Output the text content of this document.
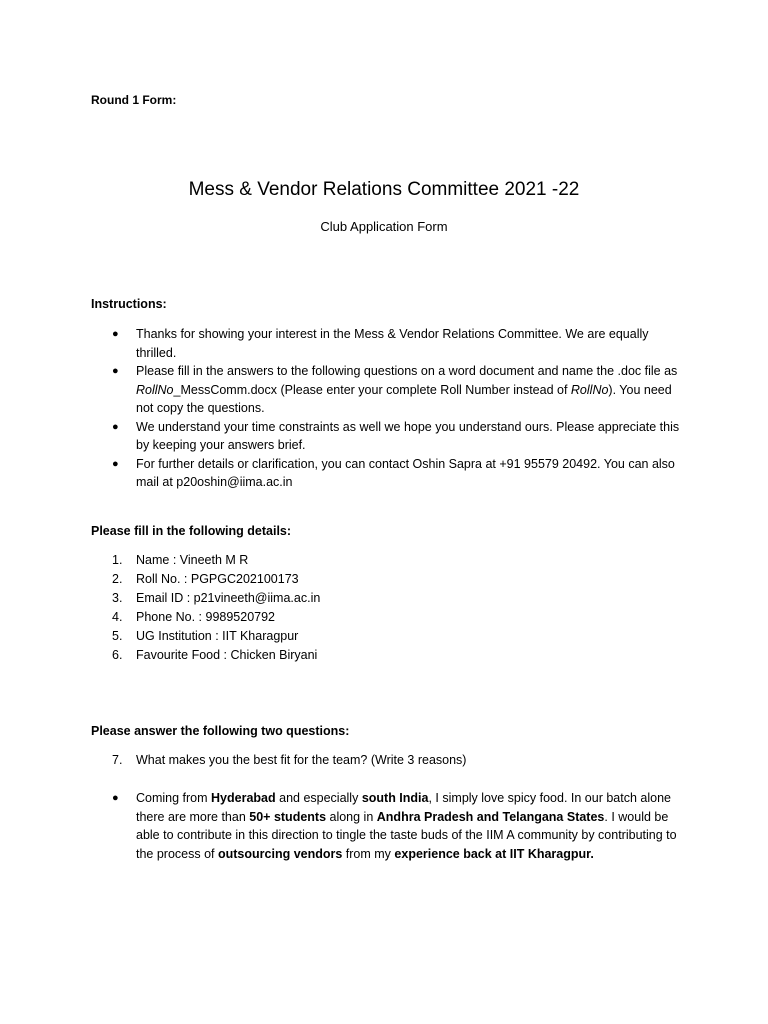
Round 1 Form:
Mess & Vendor Relations Committee 2021 -22
Club Application Form
Instructions:
● Thanks for showing your interest in the Mess & Vendor Relations Committee. We are equally thrilled.
● Please fill in the answers to the following questions on a word document and name the .doc file as RollNo_MessComm.docx (Please enter your complete Roll Number instead of RollNo). You need not copy the questions.
● We understand your time constraints as well we hope you understand ours. Please appreciate this by keeping your answers brief.
● For further details or clarification, you can contact Oshin Sapra at +91 95579 20492. You can also mail at p20oshin@iima.ac.in
Please fill in the following details:
1. Name : Vineeth M R
2. Roll No. : PGPGC202100173
3. Email ID : p21vineeth@iima.ac.in
4. Phone No. : 9989520792
5. UG Institution : IIT Kharagpur
6. Favourite Food : Chicken Biryani
Please answer the following two questions:
7. What makes you the best fit for the team? (Write 3 reasons)
● Coming from Hyderabad and especially south India, I simply love spicy food. In our batch alone there are more than 50+ students along in Andhra Pradesh and Telangana States. I would be able to contribute in this direction to tingle the taste buds of the IIM A community by contributing to the process of outsourcing vendors from my experience back at IIT Kharagpur.
